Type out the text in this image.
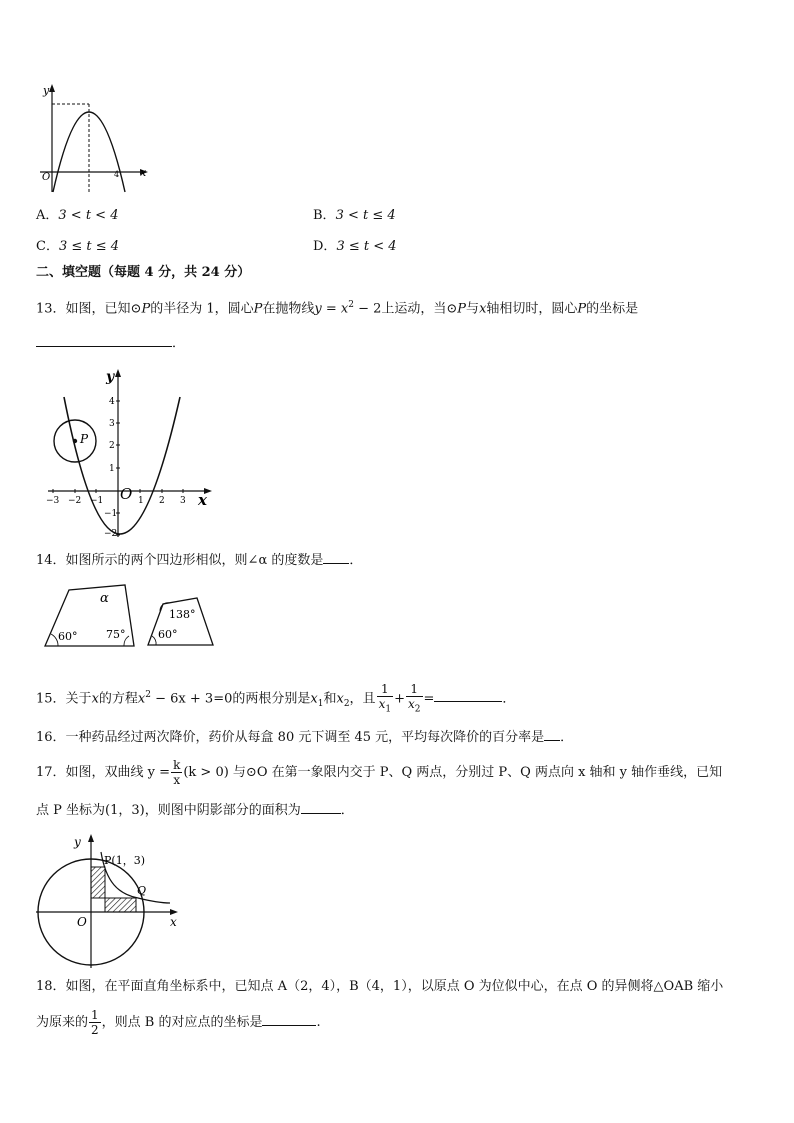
y
x
O	4
A．3 < t < 4	B．3 < t ≤ 4
C．3 ≤ t ≤ 4	D．3 ≤ t < 4
二、填空题（每题 4 分，共 24 分）
13．如图，已知⊙P的半径为 1，圆心P在抛物线$y = x^2 - 2$上运动，当⊙P与x轴相切时，圆心P的坐标是
．
y
x
O
P
−3 −2 −1	1 2 3
4
3
2
1
−1
−2
14．如图所示的两个四边形相似，则∠α 的度数是 ．
α
60°	75°
138°
60°
15．关于x的方程$x^2 - 6x + 3=0$的两根分别是$x_1$和$x_2$，且 $\frac{1}{x_1} + \frac{1}{x_2}$ =	．
16．一种药品经过两次降价，药价从每盒 80 元下调至 45 元，平均每次降价的百分率是 ．
17．如图，双曲线 $y = \frac{k}{x} (k > 0)$ 与⊙O 在第一象限内交于 P、Q 两点，分别过 P、Q 两点向 x 轴和 y 轴作垂线，已知
点 P 坐标为(1，3)，则图中阴影部分的面积为	．
y
x
O
P(1，3)
Q
18．如图，在平面直角坐标系中，已知点 A（2，4），B（4，1），以原点 O 为位似中心，在点 O 的异侧将△OAB 缩小
为原来的 $\frac{1}{2}$ ，则点 B 的对应点的坐标是	.
